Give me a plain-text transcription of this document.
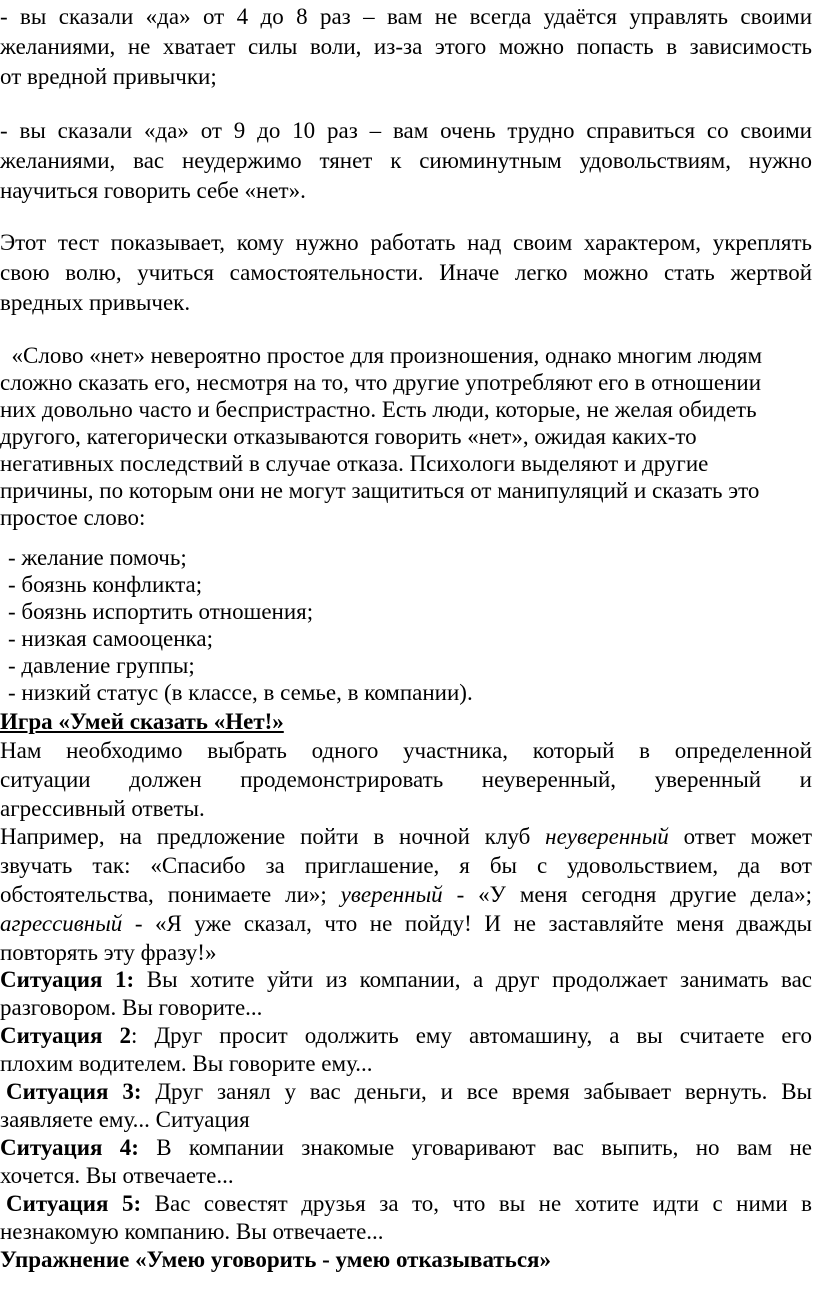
- вы сказали «да» от 4 до 8 раз – вам не всегда удаётся управлять своими
желаниями, не хватает силы воли, из-за этого можно попасть в зависимость
от вредной привычки;

- вы сказали «да» от 9 до 10 раз – вам очень трудно справиться со своими
желаниями, вас неудержимо тянет к сиюминутным удовольствиям, нужно
научиться говорить себе «нет».

Этот тест показывает, кому нужно работать над своим характером, укреплять
свою волю, учиться самостоятельности. Иначе легко можно стать жертвой
вредных привычек.

«Слово «нет» невероятно простое для произношения, однако многим людям
сложно сказать его, несмотря на то, что другие употребляют его в отношении
них довольно часто и беспристрастно. Есть люди, которые, не желая обидеть
другого, категорически отказываются говорить «нет», ожидая каких-то
негативных последствий в случае отказа. Психологи выделяют и другие
причины, по которым они не могут защититься от манипуляций и сказать это
простое слово:

- желание помочь;
- боязнь конфликта;
- боязнь испортить отношения;
- низкая самооценка;
- давление группы;
- низкий статус (в классе, в семье, в компании).
Игра «Умей сказать «Нет!»

Нам необходимо выбрать одного участника, который в определенной
ситуации должен продемонстрировать неуверенный, уверенный и
агрессивный ответы.

Например, на предложение пойти в ночной клуб неуверенный ответ может
звучать так: «Спасибо за приглашение, я бы с удовольствием, да вот
обстоятельства, понимаете ли»; уверенный - «У меня сегодня другие дела»;
агрессивный - «Я уже сказал, что не пойду! И не заставляйте меня дважды
повторять эту фразу!»

Ситуация 1: Вы хотите уйти из компании, а друг продолжает занимать вас
разговором. Вы говорите...

Ситуация 2: Друг просит одолжить ему автомашину, а вы считаете его
плохим водителем. Вы говорите ему...

Ситуация 3: Друг занял у вас деньги, и все время забывает вернуть. Вы
заявляете ему... Ситуация

Ситуация 4: В компании знакомые уговаривают вас выпить, но вам не
хочется. Вы отвечаете...

Ситуация 5: Вас совестят друзья за то, что вы не хотите идти с ними в
незнакомую компанию. Вы отвечаете...

Упражнение «Умею уговорить - умею отказываться»
